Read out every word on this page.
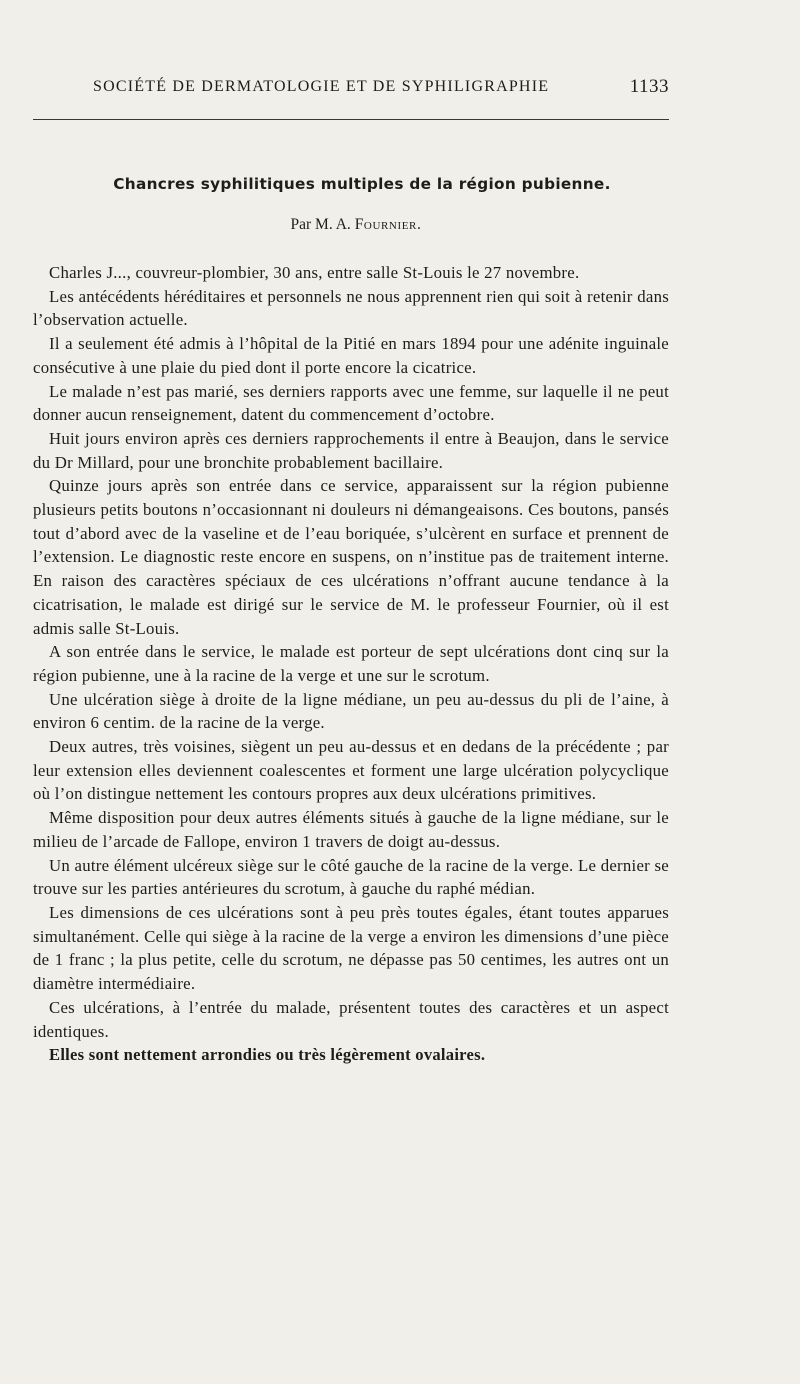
SOCIÉTÉ DE DERMATOLOGIE ET DE SYPHILIGRAPHIE	1133
Chancres syphilitiques multiples de la région pubienne.
Par M. A. Fournier.

Charles J..., couvreur-plombier, 30 ans, entre salle St-Louis le 27 novembre.

Les antécédents héréditaires et personnels ne nous apprennent rien qui soit à retenir dans l’observation actuelle.

Il a seulement été admis à l’hôpital de la Pitié en mars 1894 pour une adénite inguinale consécutive à une plaie du pied dont il porte encore la cicatrice.

Le malade n’est pas marié, ses derniers rapports avec une femme, sur laquelle il ne peut donner aucun renseignement, datent du commencement d’octobre.

Huit jours environ après ces derniers rapprochements il entre à Beaujon, dans le service du Dr Millard, pour une bronchite probablement bacillaire.

Quinze jours après son entrée dans ce service, apparaissent sur la région pubienne plusieurs petits boutons n’occasionnant ni douleurs ni démangeaisons. Ces boutons, pansés tout d’abord avec de la vaseline et de l’eau boriquée, s’ulcèrent en surface et prennent de l’extension. Le diagnostic reste encore en suspens, on n’institue pas de traitement interne. En raison des caractères spéciaux de ces ulcérations n’offrant aucune tendance à la cicatrisation, le malade est dirigé sur le service de M. le professeur Fournier, où il est admis salle St-Louis.

A son entrée dans le service, le malade est porteur de sept ulcérations dont cinq sur la région pubienne, une à la racine de la verge et une sur le scrotum.

Une ulcération siège à droite de la ligne médiane, un peu au-dessus du pli de l’aine, à environ 6 centim. de la racine de la verge.

Deux autres, très voisines, siègent un peu au-dessus et en dedans de la précédente ; par leur extension elles deviennent coalescentes et forment une large ulcération polycyclique où l’on distingue nettement les contours propres aux deux ulcérations primitives.

Même disposition pour deux autres éléments situés à gauche de la ligne médiane, sur le milieu de l’arcade de Fallope, environ 1 travers de doigt au-dessus.

Un autre élément ulcéreux siège sur le côté gauche de la racine de la verge. Le dernier se trouve sur les parties antérieures du scrotum, à gauche du raphé médian.

Les dimensions de ces ulcérations sont à peu près toutes égales, étant toutes apparues simultanément. Celle qui siège à la racine de la verge a environ les dimensions d’une pièce de 1 franc ; la plus petite, celle du scrotum, ne dépasse pas 50 centimes, les autres ont un diamètre intermédiaire.

Ces ulcérations, à l’entrée du malade, présentent toutes des caractères et un aspect identiques.

Elles sont nettement arrondies ou très légèrement ovalaires.
